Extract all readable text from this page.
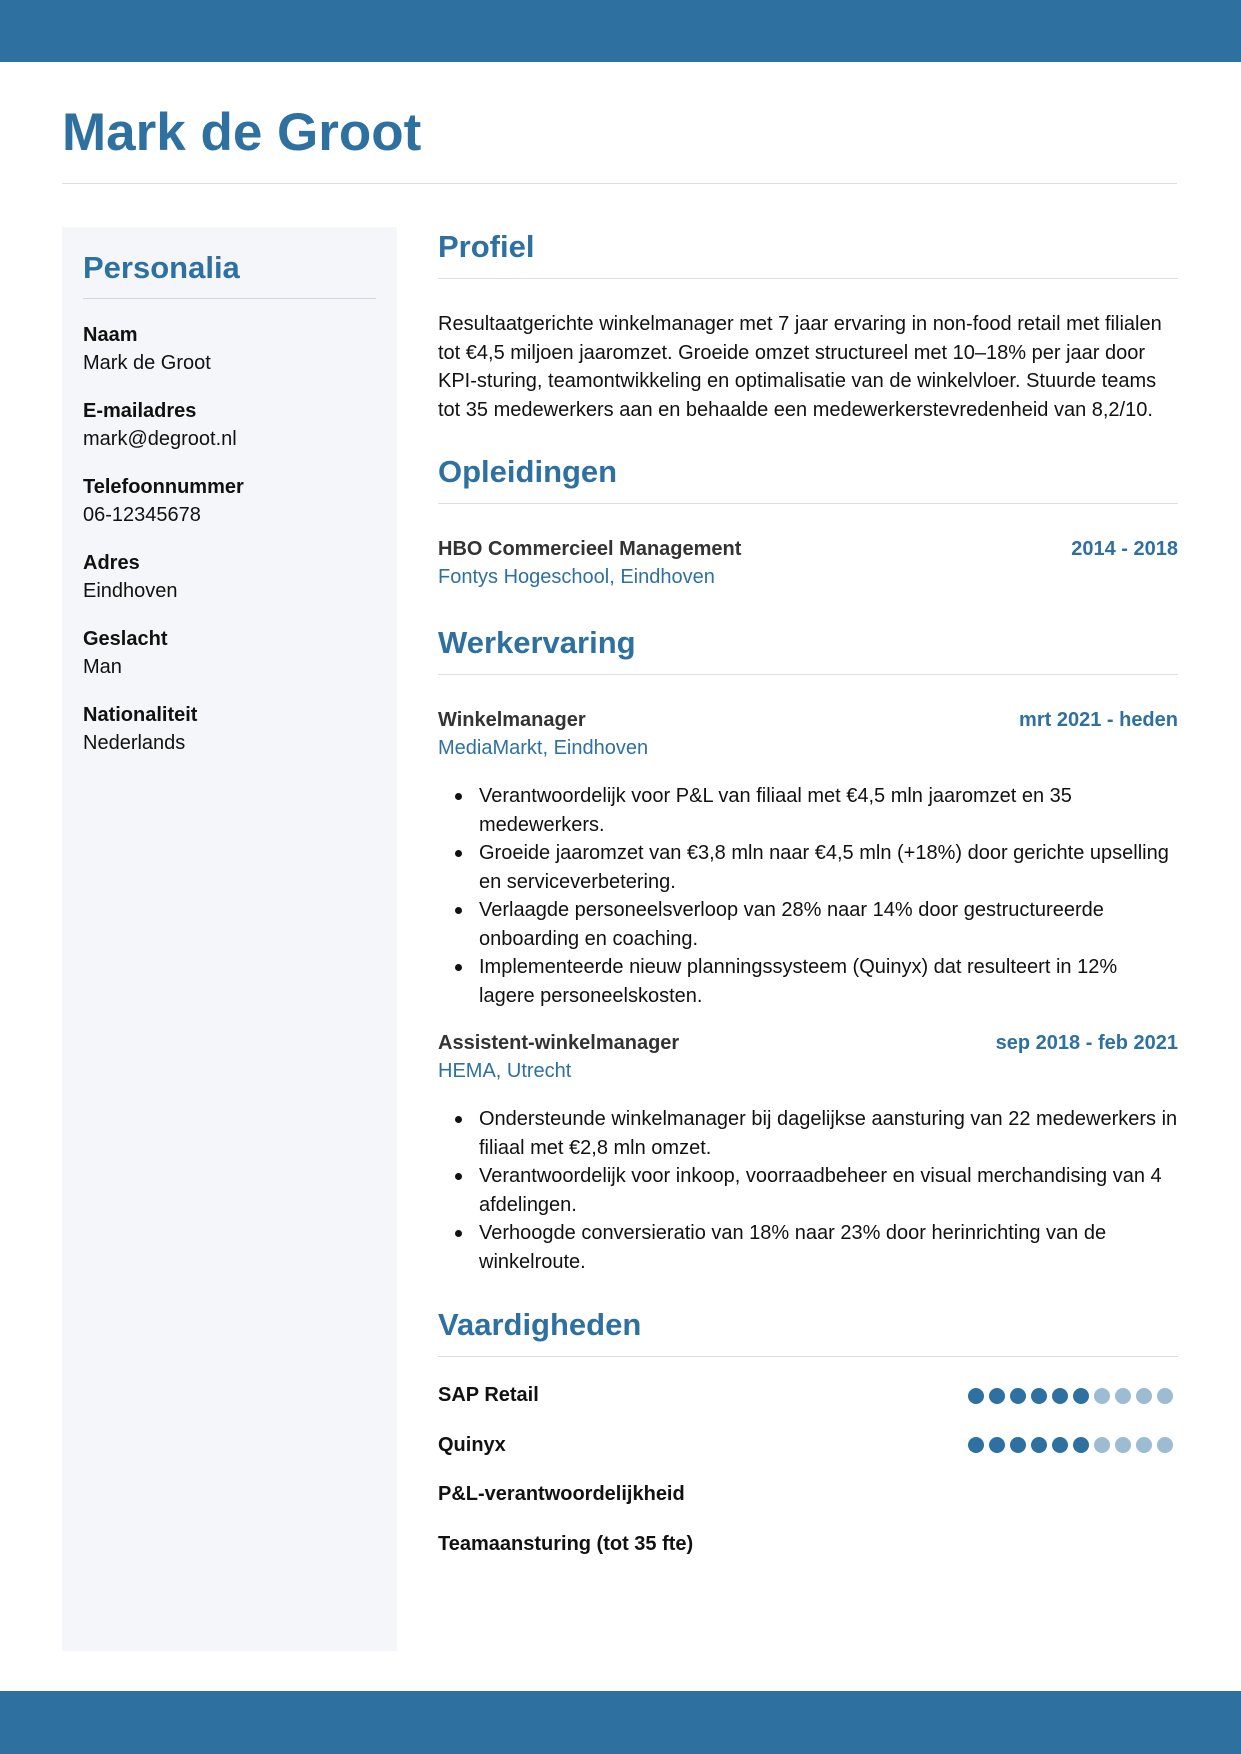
Mark de Groot
Personalia
Naam
Mark de Groot
E-mailadres
mark@degroot.nl
Telefoonnummer
06-12345678
Adres
Eindhoven
Geslacht
Man
Nationaliteit
Nederlands
Profiel

Resultaatgerichte winkelmanager met 7 jaar ervaring in non-food retail met filialen tot €4,5 miljoen jaaromzet. Groeide omzet structureel met 10–18% per jaar door KPI-sturing, teamontwikkeling en optimalisatie van de winkelvloer. Stuurde teams tot 35 medewerkers aan en behaalde een medewerkerstevredenheid van 8,2/10.

Opleidingen
HBO Commercieel Management	2014 - 2018
Fontys Hogeschool, Eindhoven
Werkervaring
Winkelmanager	mrt 2021 - heden
MediaMarkt, Eindhoven
Verantwoordelijk voor P&L van filiaal met €4,5 mln jaaromzet en 35 medewerkers.
Groeide jaaromzet van €3,8 mln naar €4,5 mln (+18%) door gerichte upselling en serviceverbetering.
Verlaagde personeelsverloop van 28% naar 14% door gestructureerde onboarding en coaching.
Implementeerde nieuw planningssysteem (Quinyx) dat resulteert in 12% lagere personeelskosten.
Assistent-winkelmanager	sep 2018 - feb 2021
HEMA, Utrecht
Ondersteunde winkelmanager bij dagelijkse aansturing van 22 medewerkers in filiaal met €2,8 mln omzet.
Verantwoordelijk voor inkoop, voorraadbeheer en visual merchandising van 4 afdelingen.
Verhoogde conversieratio van 18% naar 23% door herinrichting van de winkelroute.
Vaardigheden
SAP Retail
Quinyx
P&L-verantwoordelijkheid
Teamaansturing (tot 35 fte)
